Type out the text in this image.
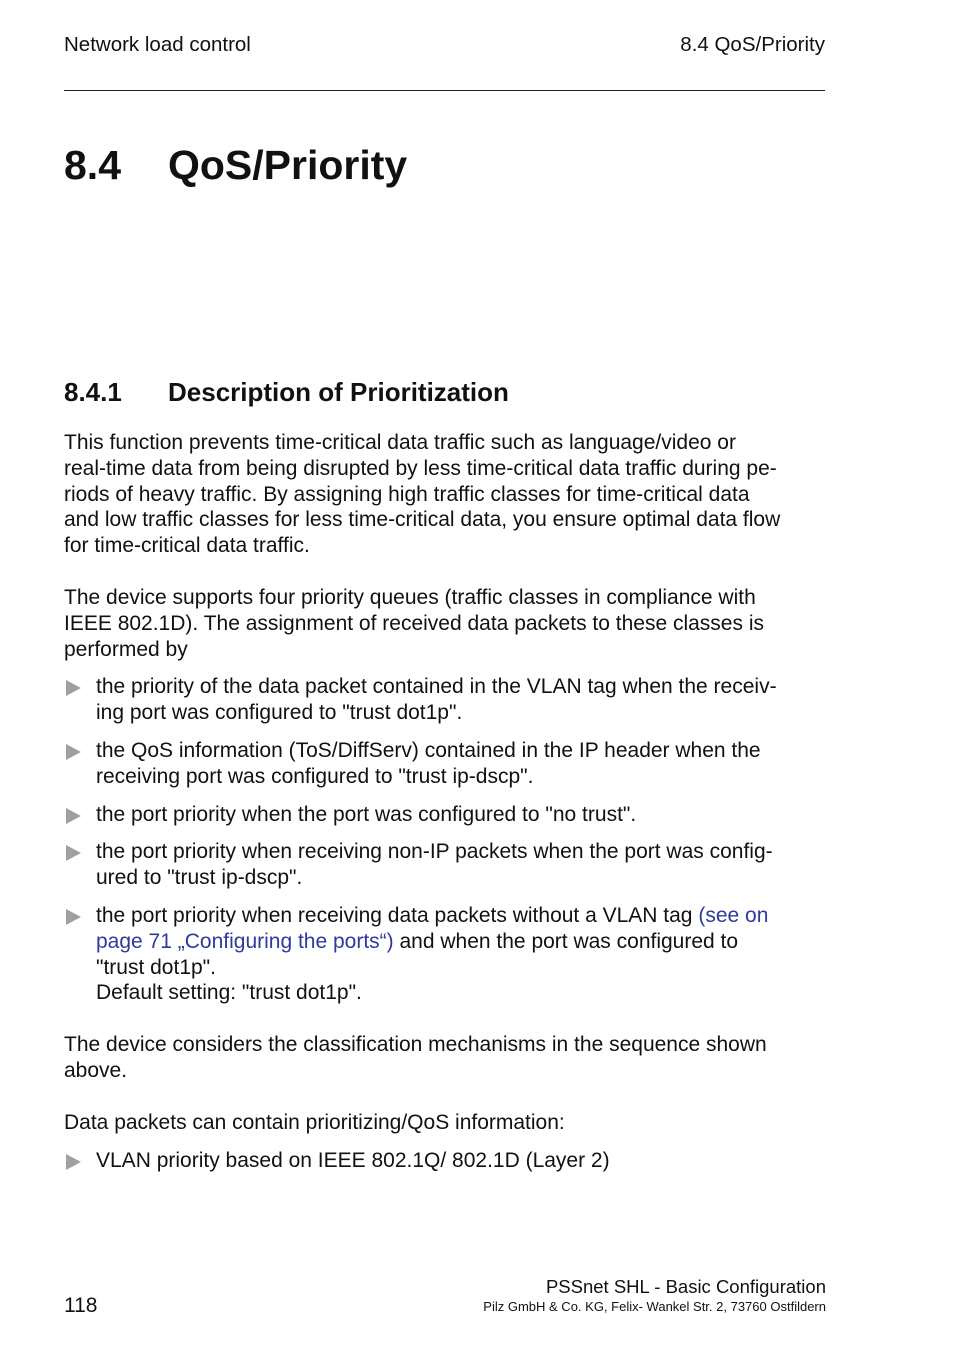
Network load control	8.4 QoS/Priority
8.4 QoS/Priority
8.4.1 Description of Prioritization

This function prevents time-critical data traffic such as language/video or
real-time data from being disrupted by less time-critical data traffic during pe-
riods of heavy traffic. By assigning high traffic classes for time-critical data
and low traffic classes for less time-critical data, you ensure optimal data flow
for time-critical data traffic.

The device supports four priority queues (traffic classes in compliance with
IEEE 802.1D). The assignment of received data packets to these classes is
performed by

the priority of the data packet contained in the VLAN tag when the receiv-
ing port was configured to "trust dot1p".
the QoS information (ToS/DiffServ) contained in the IP header when the
receiving port was configured to "trust ip-dscp".
the port priority when the port was configured to "no trust".
the port priority when receiving non-IP packets when the port was config-
ured to "trust ip-dscp".
the port priority when receiving data packets without a VLAN tag (see on
page 71 „Configuring the ports“) and when the port was configured to
"trust dot1p".
Default setting: "trust dot1p".

The device considers the classification mechanisms in the sequence shown
above.

Data packets can contain prioritizing/QoS information:

VLAN priority based on IEEE 802.1Q/ 802.1D (Layer 2)
118
PSSnet SHL - Basic Configuration
Pilz GmbH & Co. KG, Felix- Wankel Str. 2, 73760 Ostfildern
